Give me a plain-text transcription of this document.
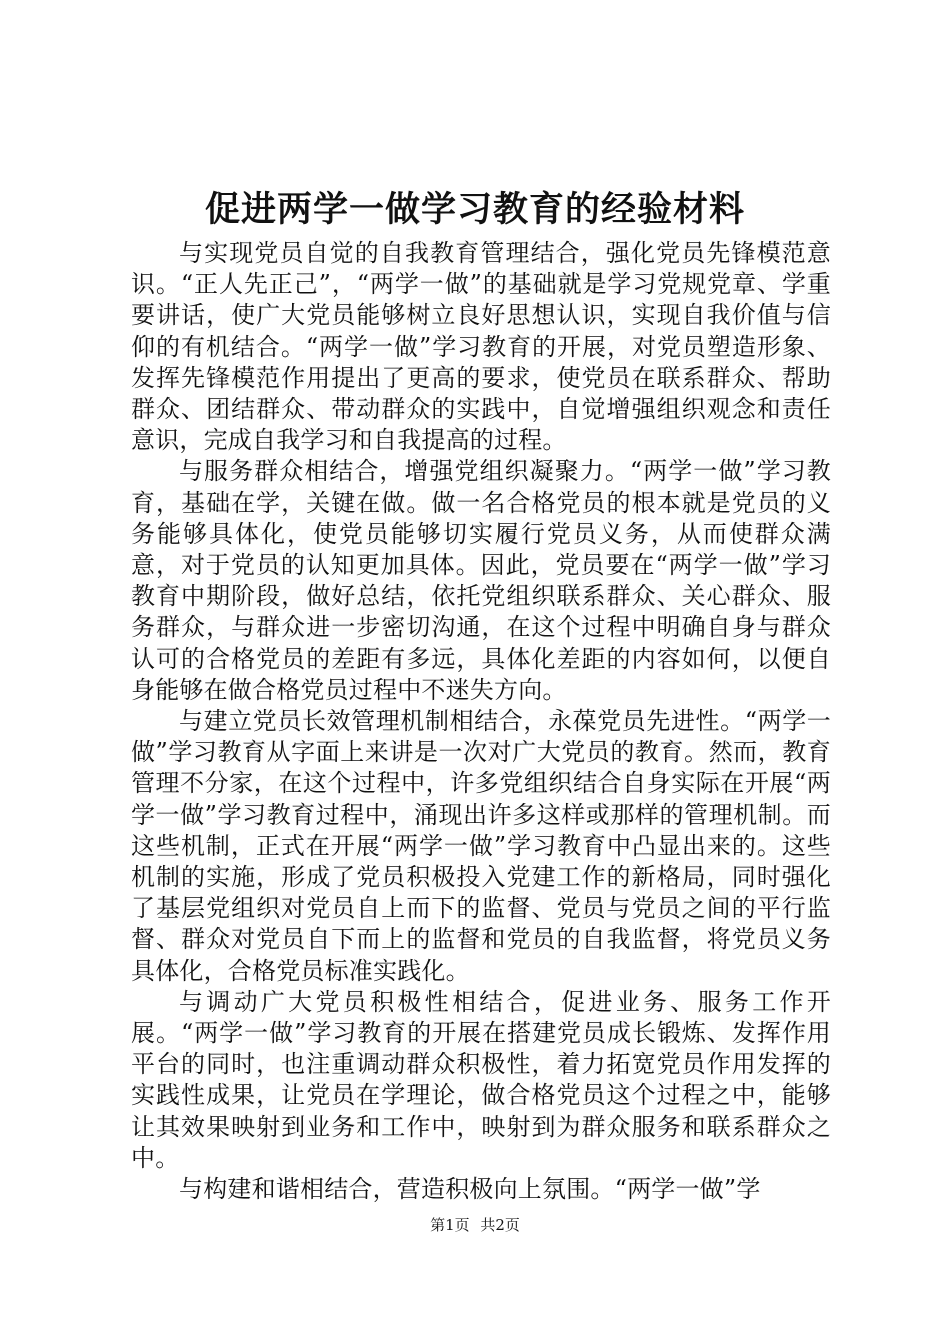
促进两学一做学习教育的经验材料

与实现党员自觉的自我教育管理结合，强化党员先锋模范意识。“正人先正己”，“两学一做”的基础就是学习党规党章、学重要讲话，使广大党员能够树立良好思想认识，实现自我价值与信仰的有机结合。“两学一做”学习教育的开展，对党员塑造形象、发挥先锋模范作用提出了更高的要求，使党员在联系群众、帮助群众、团结群众、带动群众的实践中，自觉增强组织观念和责任意识，完成自我学习和自我提高的过程。

与服务群众相结合，增强党组织凝聚力。“两学一做”学习教育，基础在学，关键在做。做一名合格党员的根本就是党员的义务能够具体化，使党员能够切实履行党员义务，从而使群众满意，对于党员的认知更加具体。因此，党员要在“两学一做”学习教育中期阶段，做好总结，依托党组织联系群众、关心群众、服务群众，与群众进一步密切沟通，在这个过程中明确自身与群众认可的合格党员的差距有多远，具体化差距的内容如何，以便自身能够在做合格党员过程中不迷失方向。

与建立党员长效管理机制相结合，永葆党员先进性。“两学一做”学习教育从字面上来讲是一次对广大党员的教育。然而，教育管理不分家，在这个过程中，许多党组织结合自身实际在开展“两学一做”学习教育过程中，涌现出许多这样或那样的管理机制。而这些机制，正式在开展“两学一做”学习教育中凸显出来的。这些机制的实施，形成了党员积极投入党建工作的新格局，同时强化了基层党组织对党员自上而下的监督、党员与党员之间的平行监督、群众对党员自下而上的监督和党员的自我监督，将党员义务具体化，合格党员标准实践化。

与调动广大党员积极性相结合，促进业务、服务工作开展。“两学一做”学习教育的开展在搭建党员成长锻炼、发挥作用平台的同时，也注重调动群众积极性，着力拓宽党员作用发挥的实践性成果，让党员在学理论，做合格党员这个过程之中，能够让其效果映射到业务和工作中，映射到为群众服务和联系群众之中。

与构建和谐相结合，营造积极向上氛围。“两学一做”学

第1页 共2页
